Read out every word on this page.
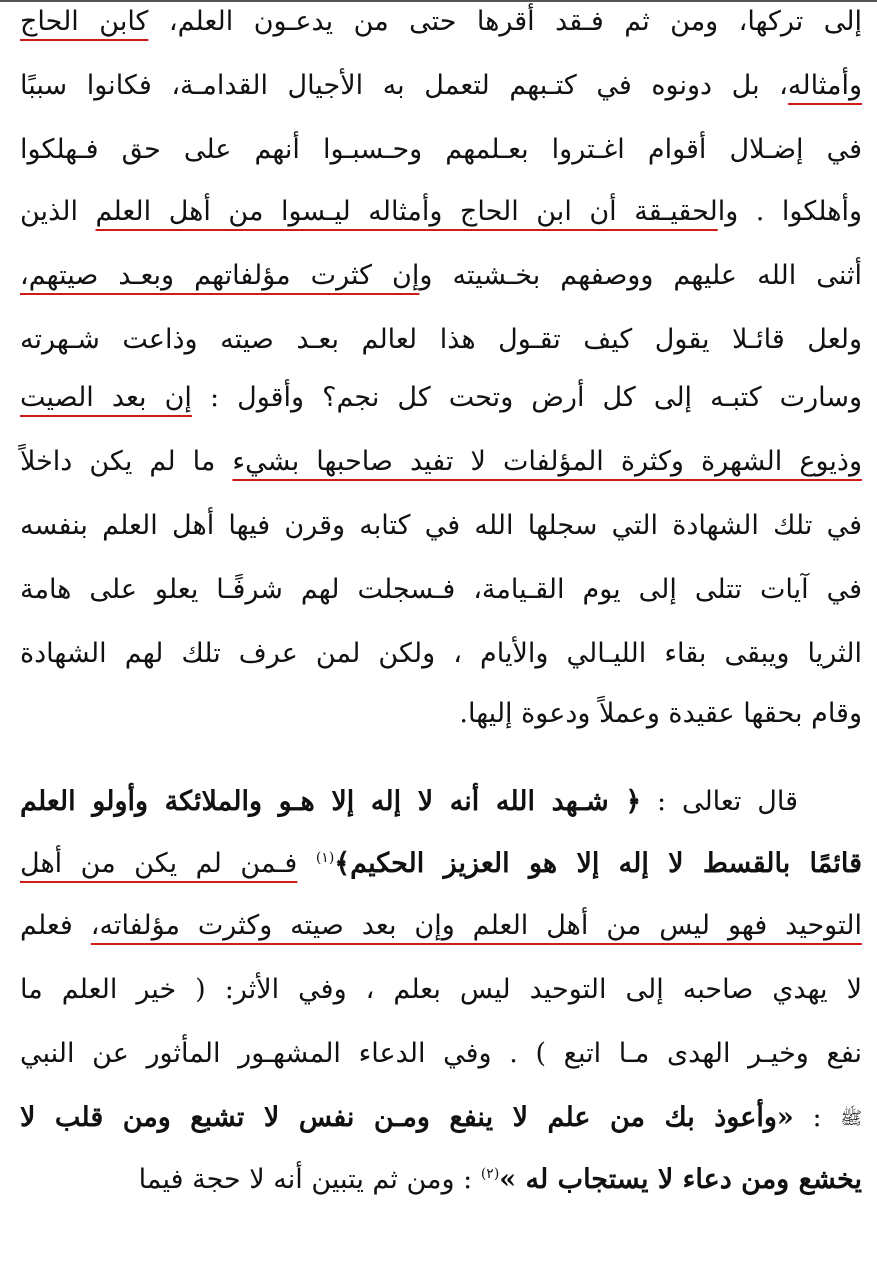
إلى تركها، ومن ثم فـقد أقرها حتى من يدعـون العلم، كابن الحاج
وأمثاله، بل دونوه في كتـبهم لتعمل به الأجيال القدامـة، فكانوا سببًا
في إضـلال أقوام اغـتروا بعـلمهم وحـسبـوا أنهم على حق فـهلكوا
وأهلكوا . والحقيـقة أن ابن الحاج وأمثاله ليـسوا من أهل العلم الذين
أثنى الله عليهم ووصفهم بخـشيته وإن كثرت مؤلفاتهم وبعـد صيتهم،
ولعل قائـلا يقول كيف تقـول هذا لعالم بعـد صيته وذاعت شـهرته
وسارت كتبـه إلى كل أرض وتحت كل نجم؟ وأقول : إن بعد الصيت
وذيوع الشهرة وكثرة المؤلفات لا تفيد صاحبها بشيء ما لم يكن داخلاً
في تلك الشهادة التي سجلها الله في كتابه وقرن فيها أهل العلم بنفسه
في آيات تتلى إلى يوم القـيامة، فـسجلت لهم شرفًـا يعلو على هامة
الثريا ويبقى بقاء الليـالي والأيام ، ولكن لمن عرف تلك لهم الشهادة
وقام بحقها عقيدة وعملاً ودعوة إليها.
قال تعالى : ﴿ شـهد الله أنه لا إله إلا هـو والملائكة وأولو العلم
قائمًا بالقسط لا إله إلا هو العزيز الحكيم﴾$^{(١)}$ فـمن لم يكن من أهل
التوحيد فهو ليس من أهل العلم وإن بعد صيته وكثرت مؤلفاته، فعلم
لا يهدي صاحبه إلى التوحيد ليس بعلم ، وفي الأثر: ( خير العلم ما
نفع وخيـر الهدى مـا اتبع ) . وفي الدعاء المشهـور المأثور عن النبي
ﷺ : «وأعوذ بك من علم لا ينفع ومـن نفس لا تشبع ومن قلب لا
يخشع ومن دعاء لا يستجاب له »$^{(٢)}$ : ومن ثم يتبين أنه لا حجة فيما
